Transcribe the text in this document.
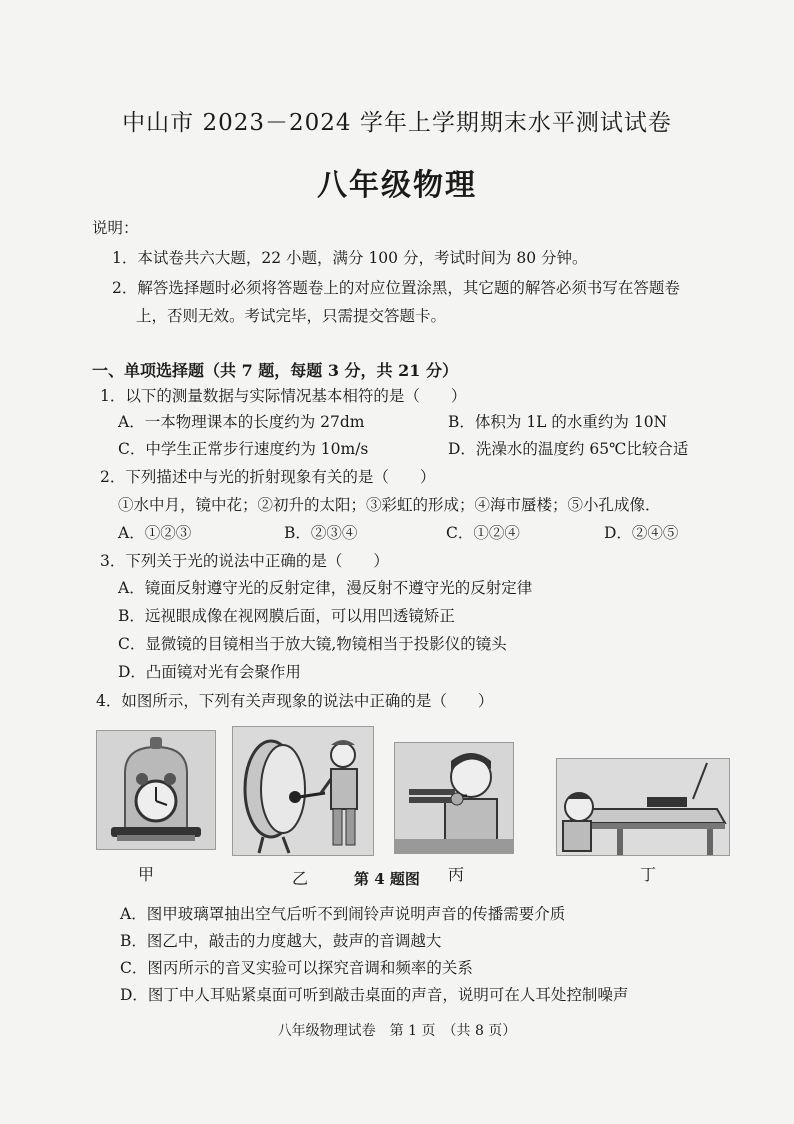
中山市 2023－2024 学年上学期期末水平测试试卷
八年级物理
说明：
1．本试卷共六大题，22 小题，满分 100 分，考试时间为 80 分钟。
2．解答选择题时必须将答题卷上的对应位置涂黑，其它题的解答必须书写在答题卷
上，否则无效。考试完毕，只需提交答题卡。
一、单项选择题（共 7 题，每题 3 分，共 21 分）
1．以下的测量数据与实际情况基本相符的是（　　）
A．一本物理课本的长度约为 27dm	B．体积为 1L 的水重约为 10N
C．中学生正常步行速度约为 10m/s	D．洗澡水的温度约 65℃比较合适
2．下列描述中与光的折射现象有关的是（　　）
①水中月，镜中花；②初升的太阳；③彩虹的形成；④海市蜃楼；⑤小孔成像．
A．①②③	B．②③④	C．①②④	D．②④⑤
3．下列关于光的说法中正确的是（　　）
A．镜面反射遵守光的反射定律，漫反射不遵守光的反射定律
B．远视眼成像在视网膜后面，可以用凹透镜矫正
C．显微镜的目镜相当于放大镜,物镜相当于投影仪的镜头
D．凸面镜对光有会聚作用
4．如图所示，下列有关声现象的说法中正确的是（　　）
甲	乙	丙	丁
第 4 题图
A．图甲玻璃罩抽出空气后听不到闹铃声说明声音的传播需要介质
B．图乙中，敲击的力度越大，鼓声的音调越大
C．图丙所示的音叉实验可以探究音调和频率的关系
D．图丁中人耳贴紧桌面可听到敲击桌面的声音，说明可在人耳处控制噪声
八年级物理试卷　第 1 页　（共 8 页）
